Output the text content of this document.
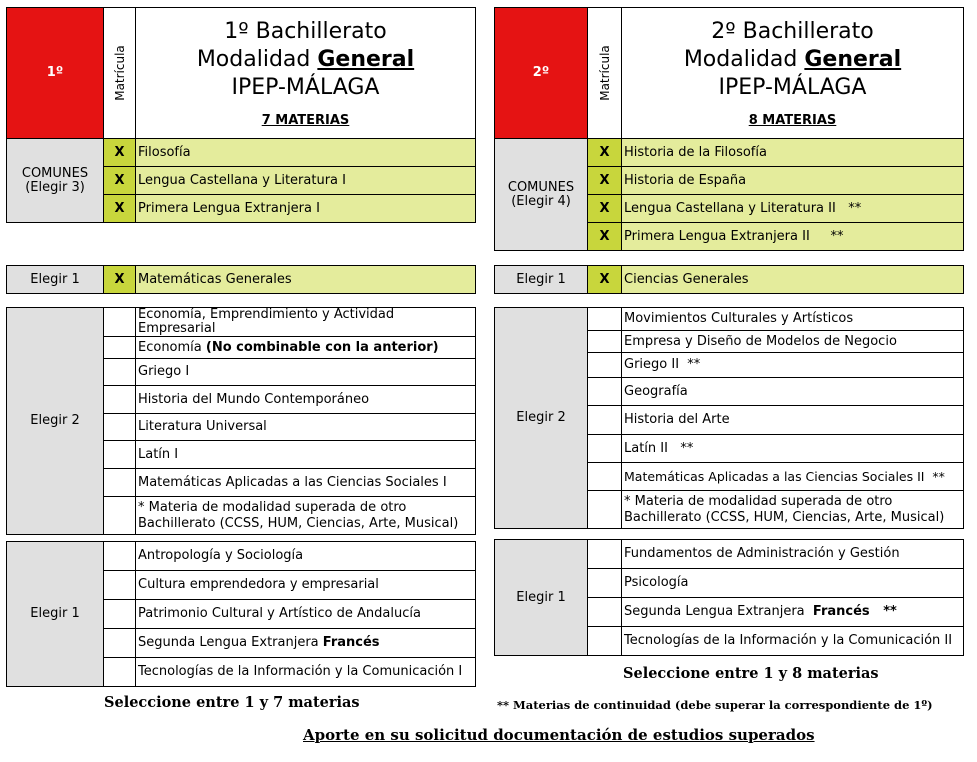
1º	Matrícula

1º Bachillerato
Modalidad General
IPEP-MÁLAGA
7 MATERIAS
COMUNES
(Elegir 3)	X	Filosofía
	X	Lengua Castellana y Literatura I
	X	Primera Lengua Extranjera I
Elegir 1	X	Matemáticas Generales
Elegir 2		Economía, Emprendimiento y Actividad Empresarial
		Economía (No combinable con la anterior)
		Griego I
		Historia del Mundo Contemporáneo
		Literatura Universal
		Latín I
		Matemáticas Aplicadas a las Ciencias Sociales I
		* Materia de modalidad superada de otro Bachillerato (CCSS, HUM, Ciencias, Arte, Musical)
Elegir 1		Antropología y Sociología
		Cultura emprendedora y empresarial
		Patrimonio Cultural y Artístico de Andalucía
		Segunda Lengua Extranjera Francés
		Tecnologías de la Información y la Comunicación I
Seleccione entre 1 y 7 materias
2º	Matrícula

2º Bachillerato
Modalidad General
IPEP-MÁLAGA
8 MATERIAS
COMUNES
(Elegir 4)	X	Historia de la Filosofía
	X	Historia de España
	X	Lengua Castellana y Literatura II   **
	X	Primera Lengua Extranjera II     **
Elegir 1	X	Ciencias Generales
Elegir 2		Movimientos Culturales y Artísticos
		Empresa y Diseño de Modelos de Negocio
		Griego II  **
		Geografía
		Historia del Arte
		Latín II   **
		Matemáticas Aplicadas a las Ciencias Sociales II  **
		* Materia de modalidad superada de otro Bachillerato (CCSS, HUM, Ciencias, Arte, Musical)
Elegir 1		Fundamentos de Administración y Gestión
		Psicología
		Segunda Lengua Extranjera  Francés   **
		Tecnologías de la Información y la Comunicación II
Seleccione entre 1 y 8 materias
** Materias de continuidad (debe superar la correspondiente de 1º)
Aporte en su solicitud documentación de estudios superados
